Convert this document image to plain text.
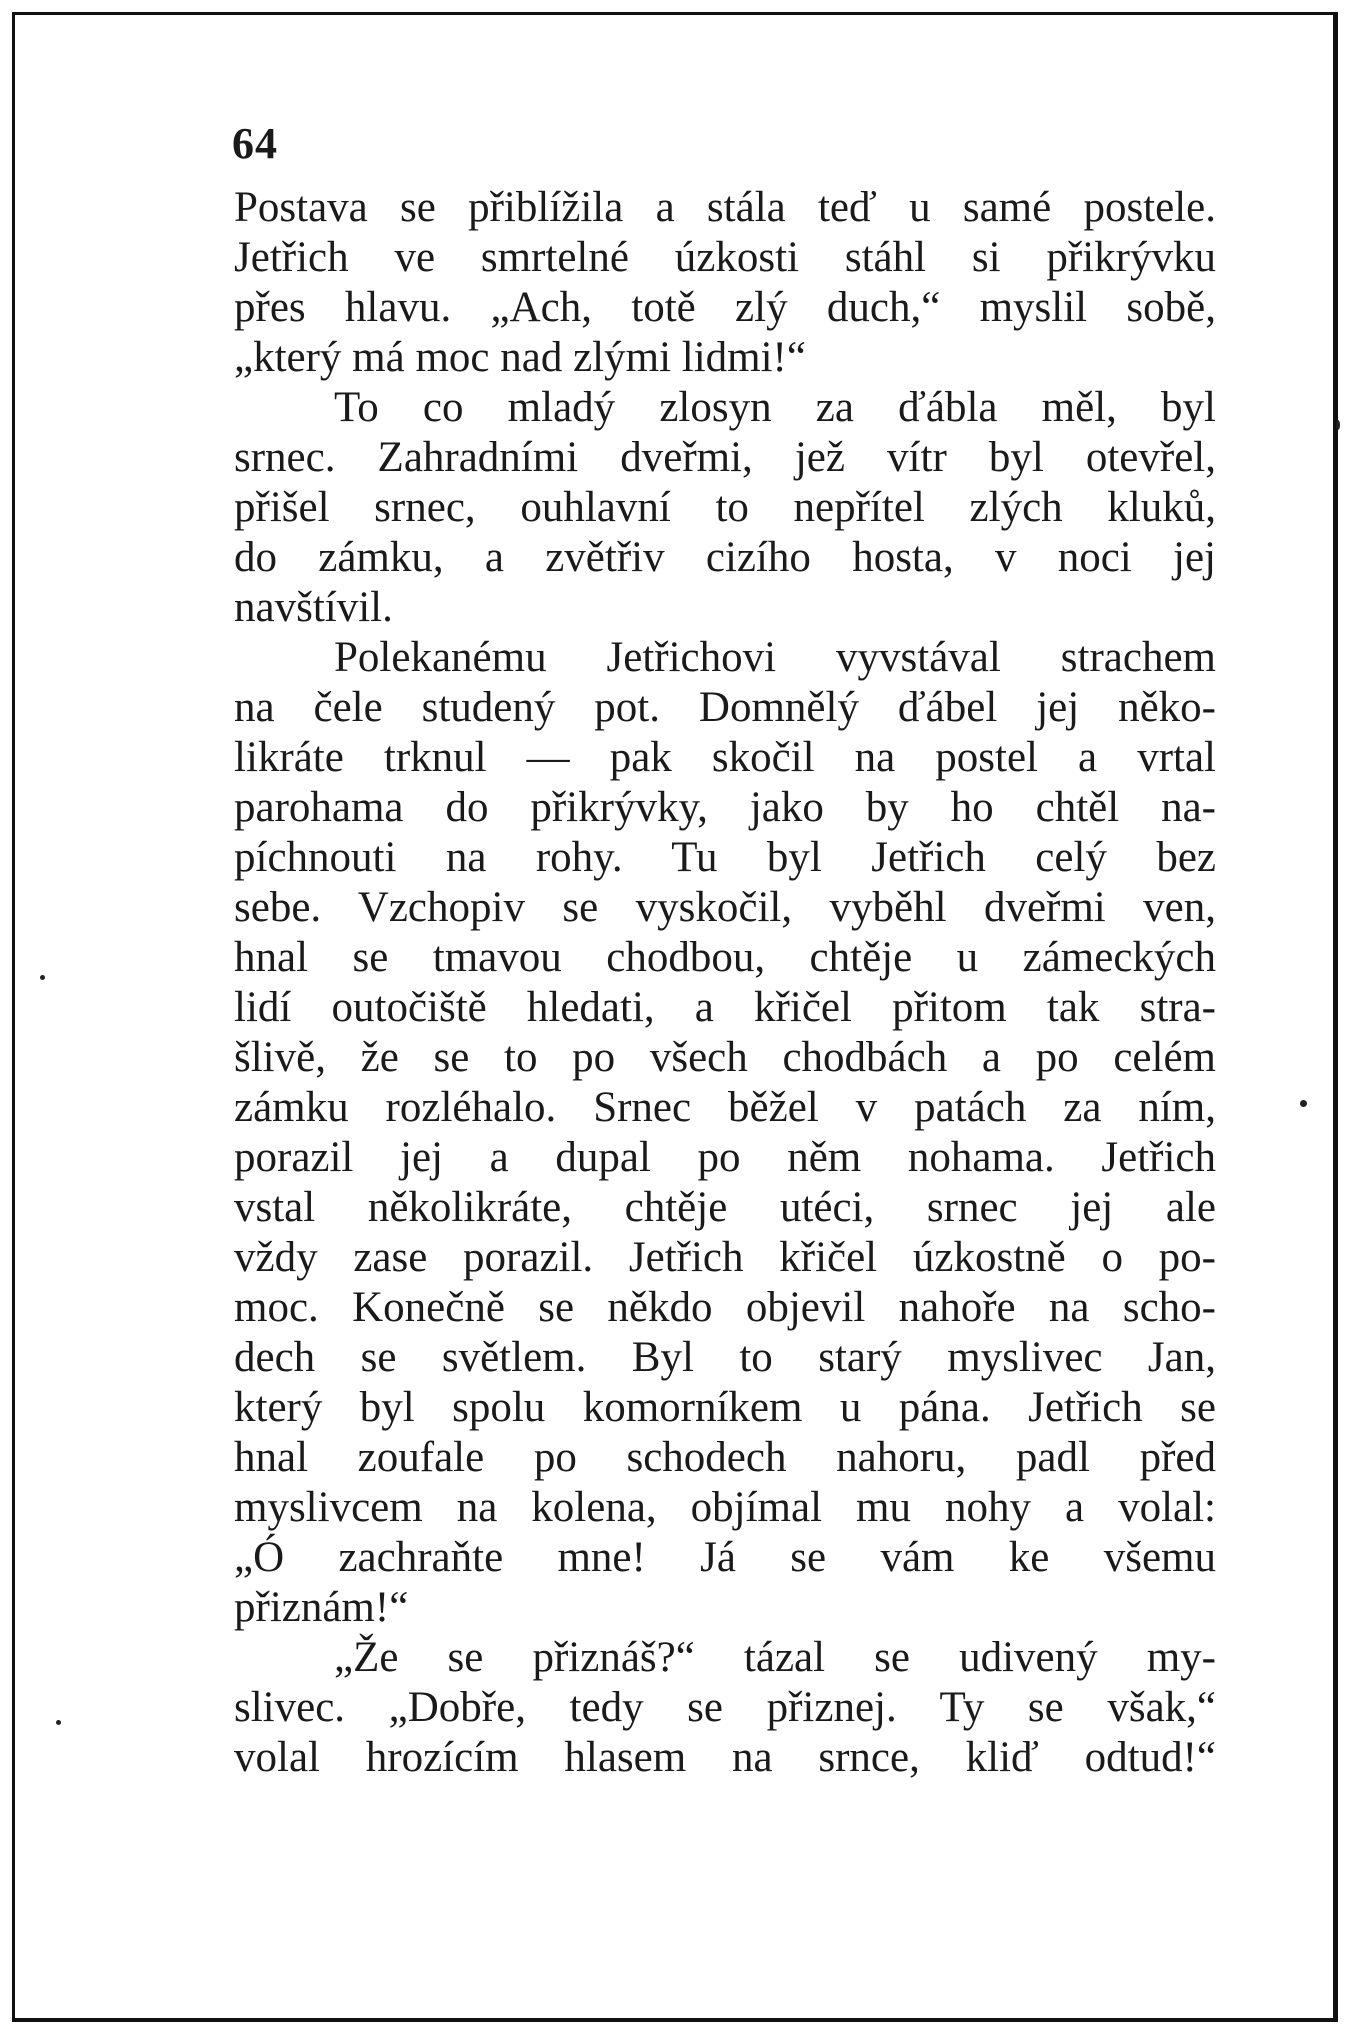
64
Postava se přiblížila a stála teď u samé postele.
Jetřich ve smrtelné úzkosti stáhl si přikrývku
přes hlavu. „Ach, totě zlý duch,“ myslil sobě,
„který má moc nad zlými lidmi!“
To co mladý zlosyn za ďábla měl, byl
srnec. Zahradními dveřmi, jež vítr byl otevřel,
přišel srnec, ouhlavní to nepřítel zlých kluků,
do zámku, a zvětřiv cizího hosta, v noci jej
navštívil.
Polekanému Jetřichovi vyvstával strachem
na čele studený pot. Domnělý ďábel jej něko-
likráte trknul — pak skočil na postel a vrtal
parohama do přikrývky, jako by ho chtěl na-
píchnouti na rohy. Tu byl Jetřich celý bez
sebe. Vzchopiv se vyskočil, vyběhl dveřmi ven,
hnal se tmavou chodbou, chtěje u zámeckých
lidí outočiště hledati, a křičel přitom tak stra-
šlivě, že se to po všech chodbách a po celém
zámku rozléhalo. Srnec běžel v patách za ním,
porazil jej a dupal po něm nohama. Jetřich
vstal několikráte, chtěje utéci, srnec jej ale
vždy zase porazil. Jetřich křičel úzkostně o po-
moc. Konečně se někdo objevil nahoře na scho-
dech se světlem. Byl to starý myslivec Jan,
který byl spolu komorníkem u pána. Jetřich se
hnal zoufale po schodech nahoru, padl před
myslivcem na kolena, objímal mu nohy a volal:
„Ó zachraňte mne! Já se vám ke všemu
přiznám!“
„Že se přiznáš?“ tázal se udivený my-
slivec. „Dobře, tedy se přiznej. Ty se však,“
volal hrozícím hlasem na srnce, kliď odtud!“
